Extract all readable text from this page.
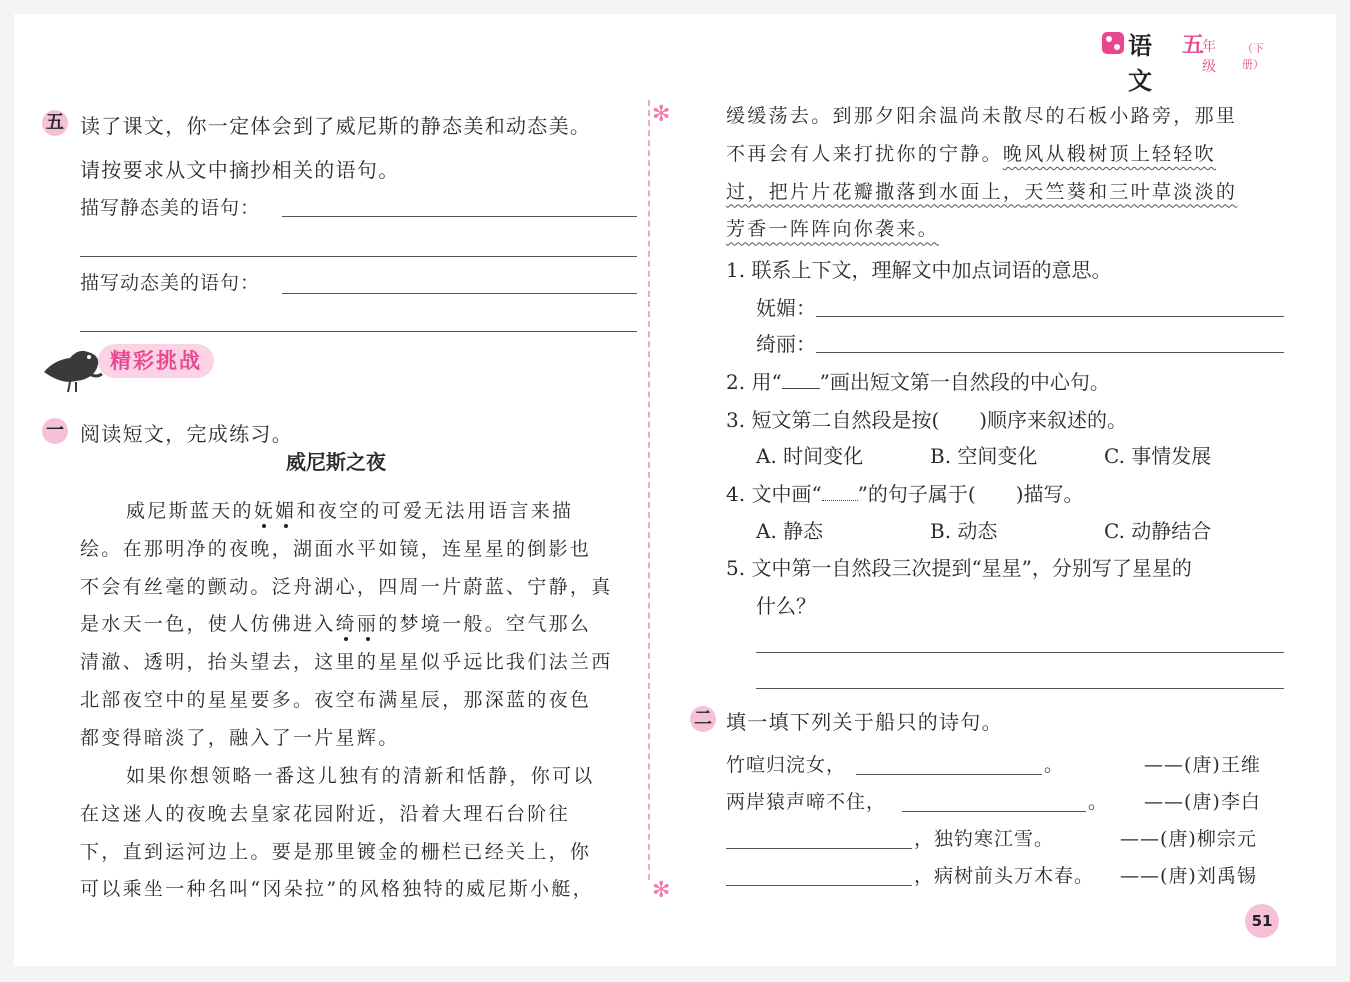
语文
五
年级
（下册）
✻
✻
五 读了课文，你一定体会到了威尼斯的静态美和动态美。
请按要求从文中摘抄相关的语句。
描写静态美的语句：
描写动态美的语句：
精彩挑战
一 阅读短文，完成练习。
威尼斯之夜
威尼斯蓝天的妩媚和夜空的可爱无法用语言来描
绘。在那明净的夜晚，湖面水平如镜，连星星的倒影也
不会有丝毫的颤动。泛舟湖心，四周一片蔚蓝、宁静，真
是水天一色，使人仿佛进入绮丽的梦境一般。空气那么
清澈、透明，抬头望去，这里的星星似乎远比我们法兰西
北部夜空中的星星要多。夜空布满星辰，那深蓝的夜色
都变得暗淡了，融入了一片星辉。
如果你想领略一番这儿独有的清新和恬静，你可以
在这迷人的夜晚去皇家花园附近，沿着大理石台阶往
下，直到运河边上。要是那里镀金的栅栏已经关上，你
可以乘坐一种名叫“冈朵拉”的风格独特的威尼斯小艇，
缓缓荡去。到那夕阳余温尚未散尽的石板小路旁，那里
不再会有人来打扰你的宁静。晚风从椴树顶上轻轻吹
过，把片片花瓣撒落到水面上，天竺葵和三叶草淡淡的
芳香一阵阵向你袭来。
1. 联系上下文，理解文中加点词语的意思。
妩媚：
绮丽：
2. 用“ ”画出短文第一自然段的中心句。
3. 短文第二自然段是按(　　)顺序来叙述的。
A. 时间变化	B. 空间变化	C. 事情发展
4. 文中画“ ”的句子属于(　　)描写。
A. 静态	B. 动态	C. 动静结合
5. 文中第一自然段三次提到“星星”，分别写了星星的
什么？
二 填一填下列关于船只的诗句。
竹喧归浣女，	。	——(唐)王维
两岸猿声啼不住，	。 ——(唐)李白
，独钓寒江雪。	——(唐)柳宗元
，病树前头万木春。 ——(唐)刘禹锡
51
